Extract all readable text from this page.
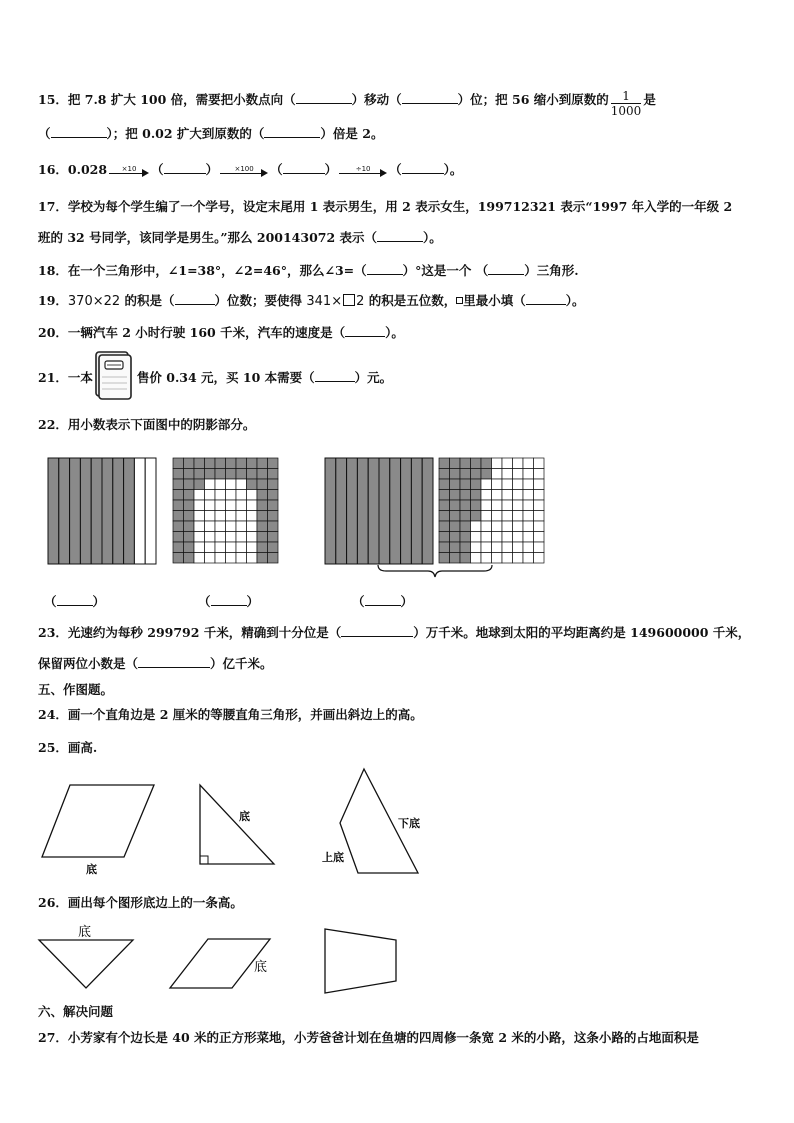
15．把 7.8 扩大 100 倍，需要把小数点向（	）移动（	）位；把 56 缩小到原数的 $\frac{1}{1000}$ 是
（	）；把 0.02 扩大到原数的（	）倍是 2。
16．0.028	×10	（	）	×100	（	）	÷10	（	）。
17．学校为每个学生编了一个学号，设定末尾用 1 表示男生，用 2 表示女生，199712321 表示“1997 年入学的一年级 2
班的 32 号同学，该同学是男生。”那么 200143072 表示（	）。
18．在一个三角形中，∠1=38°，∠2=46°，那么∠3=（	）°这是一个 （	）三角形.
19．370×22 的积是（	）位数；要使得 341× 2 的积是五位数， 里最小填（	）。
20．一辆汽车 2 小时行驶 160 千米，汽车的速度是（	）。
21．一本	售价 0.34 元，买 10 本需要（	）元。
22．用小数表示下面图中的阴影部分。
（	）	（	）	（	）
23．光速约为每秒 299792 千米，精确到十分位是（	）万千米。地球到太阳的平均距离约是 149600000 千米，
保留两位小数是（	）亿千米。
五、作图题。
24．画一个直角边是 2 厘米的等腰直角三角形，并画出斜边上的高。
25．画高.
底
底
下底
上底
26．画出每个图形底边上的一条高。
底
底
六、解决问题
27．小芳家有个边长是 40 米的正方形菜地，小芳爸爸计划在鱼塘的四周修一条宽 2 米的小路，这条小路的占地面积是
